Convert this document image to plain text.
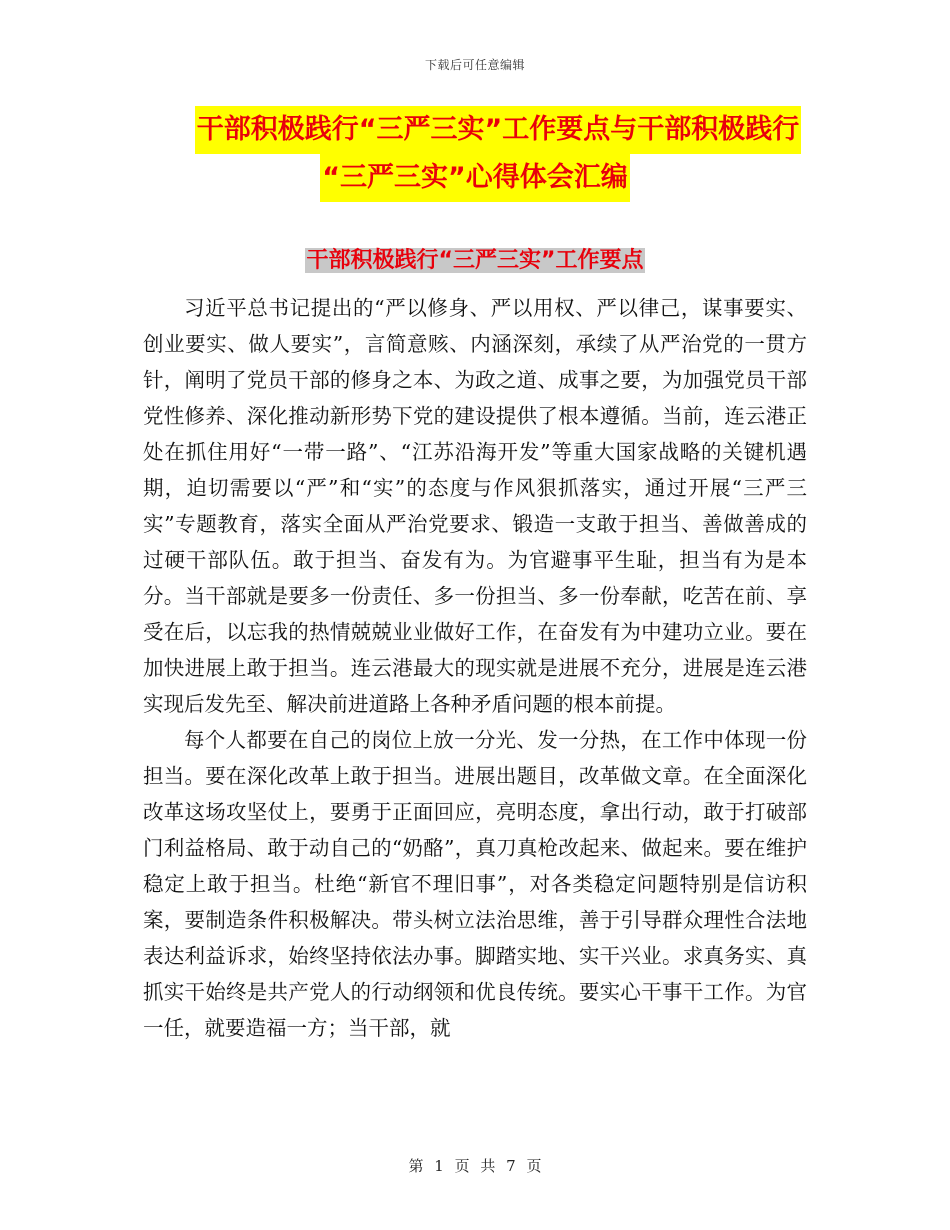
下载后可任意编辑
干部积极践行“三严三实”工作要点与干部积极践行
“三严三实”心得体会汇编
干部积极践行“三严三实”工作要点

习近平总书记提出的“严以修身、严以用权、严以律己，谋事要实、创业要实、做人要实”，言简意赅、内涵深刻，承续了从严治党的一贯方针，阐明了党员干部的修身之本、为政之道、成事之要，为加强党员干部党性修养、深化推动新形势下党的建设提供了根本遵循。当前，连云港正处在抓住用好“一带一路”、“江苏沿海开发”等重大国家战略的关键机遇期，迫切需要以“严”和“实”的态度与作风狠抓落实，通过开展“三严三实”专题教育，落实全面从严治党要求、锻造一支敢于担当、善做善成的过硬干部队伍。敢于担当、奋发有为。为官避事平生耻，担当有为是本分。当干部就是要多一份责任、多一份担当、多一份奉献，吃苦在前、享受在后，以忘我的热情兢兢业业做好工作，在奋发有为中建功立业。要在加快进展上敢于担当。连云港最大的现实就是进展不充分，进展是连云港实现后发先至、解决前进道路上各种矛盾问题的根本前提。

每个人都要在自己的岗位上放一分光、发一分热，在工作中体现一份担当。要在深化改革上敢于担当。进展出题目，改革做文章。在全面深化改革这场攻坚仗上，要勇于正面回应，亮明态度，拿出行动，敢于打破部门利益格局、敢于动自己的“奶酪”，真刀真枪改起来、做起来。要在维护稳定上敢于担当。杜绝“新官不理旧事”，对各类稳定问题特别是信访积案，要制造条件积极解决。带头树立法治思维，善于引导群众理性合法地表达利益诉求，始终坚持依法办事。脚踏实地、实干兴业。求真务实、真抓实干始终是共产党人的行动纲领和优良传统。要实心干事干工作。为官一任，就要造福一方；当干部，就

第 1 页 共 7 页
